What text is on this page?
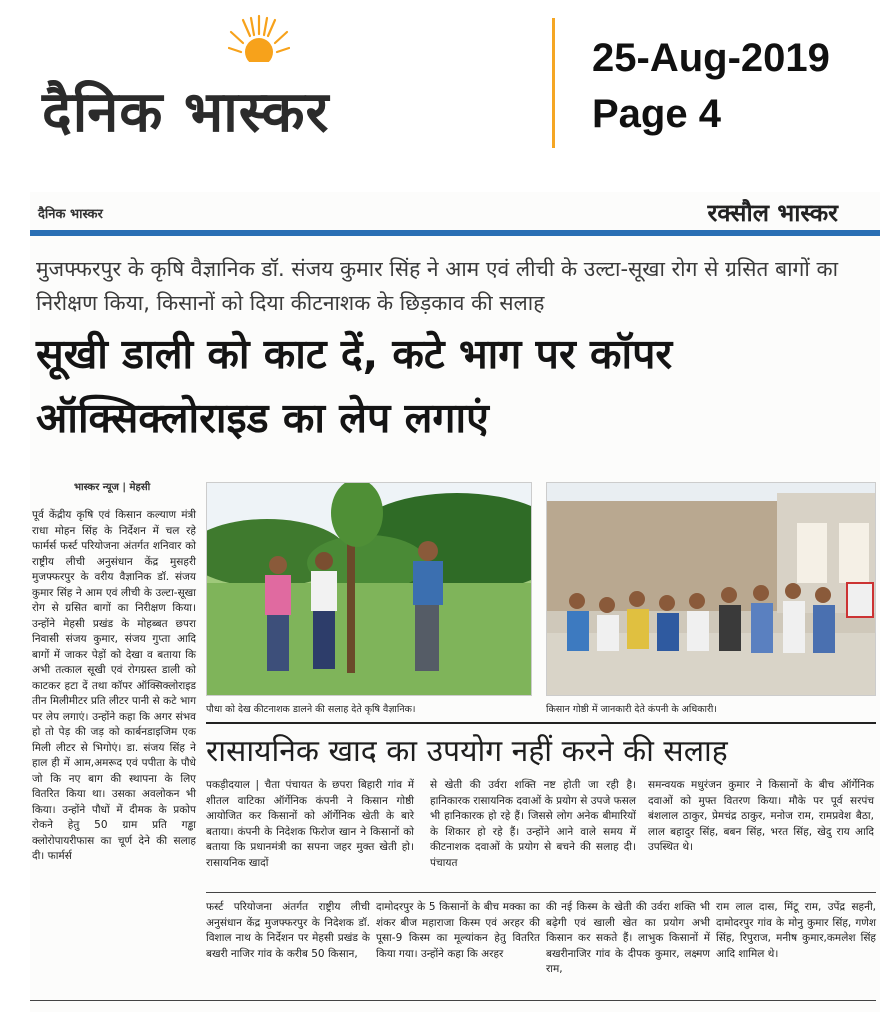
दैनिक भास्कर
25-Aug-2019
Page 4
दैनिक भास्कर	रक्सौल भास्कर
मुजफ्फरपुर के कृषि वैज्ञानिक डॉ. संजय कुमार सिंह ने आम एवं लीची के उल्टा-सूखा रोग से ग्रसित बागों का निरीक्षण किया, किसानों को दिया कीटनाशक के छिड़काव की सलाह
सूखी डाली को काट दें, कटे भाग पर कॉपर ऑक्सिक्लोराइड का लेप लगाएं
भास्कर न्यूज | मेहसी
पूर्व केंद्रीय कृषि एवं किसान कल्याण मंत्री राधा मोहन सिंह के निर्देशन में चल रहे फार्मर्स फर्स्ट परियोजना अंतर्गत शनिवार को राष्ट्रीय लीची अनुसंधान केंद्र मुसहरी मुजफ्फरपुर के वरीय वैज्ञानिक डॉ. संजय कुमार सिंह ने आम एवं लीची के उल्टा-सूखा रोग से ग्रसित बागों का निरीक्षण किया। उन्होंने मेहसी प्रखंड के मोहब्बत छपरा निवासी संजय कुमार, संजय गुप्ता आदि बागों में जाकर पेड़ों को देखा व बताया कि अभी तत्काल सूखी एवं रोगग्रस्त डाली को काटकर हटा दें तथा कॉपर ऑक्सिक्लोराइड तीन मिलीमीटर प्रति लीटर पानी से कटे भाग पर लेप लगाएं। उन्होंने कहा कि अगर संभव हो तो पेड़ की जड़ को कार्बनडाइजिम एक मिली लीटर से भिगोएं। डा. संजय सिंह ने हाल ही में आम,अमरूद एवं पपीता के पौधे जो कि नए बाग की स्थापना के लिए वितरित किया था। उसका अवलोकन भी किया। उन्होंने पौधों में दीमक के प्रकोप रोकने हेतु 50 ग्राम प्रति गड्ढा क्लोरोपायरीफास का चूर्ण देने की सलाह दी। फार्मर्स
पौधा को देख कीटनाशक डालने की सलाह देते कृषि वैज्ञानिक।	किसान गोष्ठी में जानकारी देते कंपनी के अधिकारी।
रासायनिक खाद का उपयोग नहीं करने की सलाह
पकड़ीदयाल | चैता पंचायत के छपरा बिहारी गांव में शीतल वाटिका ऑर्गेनिक कंपनी ने किसान गोष्ठी आयोजित कर किसानों को ऑर्गेनिक खेती के बारे बताया। कंपनी के निदेशक फिरोज खान ने किसानों को बताया कि प्रधानमंत्री का सपना जहर मुक्त खेती हो। रासायनिक खादों
से खेती की उर्वरा शक्ति नष्ट होती जा रही है। हानिकारक रासायनिक दवाओं के प्रयोग से उपजे फसल भी हानिकारक हो रहे हैं। जिससे लोग अनेक बीमारियों के शिकार हो रहे हैं। उन्होंने आने वाले समय में कीटनाशक दवाओं के प्रयोग से बचने की सलाह दी। पंचायत
समन्वयक मधुरंजन कुमार ने किसानों के बीच ऑर्गेनिक दवाओं को मुफ्त वितरण किया। मौके पर पूर्व सरपंच बंशलाल ठाकुर, प्रेमचंद्र ठाकुर, मनोज राम, रामप्रवेश बैठा, लाल बहादुर सिंह, बबन सिंह, भरत सिंह, खेदु राय आदि उपस्थित थे।
फर्स्ट परियोजना अंतर्गत राष्ट्रीय लीची अनुसंधान केंद्र मुजफ्फरपुर के निदेशक डॉ. विशाल नाथ के निर्देशन पर मेहसी प्रखंड के बखरी नाजिर गांव के करीब 50 किसान,
दामोदरपुर के 5 किसानों के बीच मक्का का शंकर बीज महाराजा किस्म एवं अरहर की पूसा-9 किस्म का मूल्यांकन हेतु वितरित किया गया। उन्होंने कहा कि अरहर
की नई किस्म के खेती की उर्वरा शक्ति भी बढ़ेगी एवं खाली खेत का प्रयोग अभी किसान कर सकते हैं। लाभुक किसानों में बखरीनाजिर गांव के दीपक कुमार, लक्ष्मण राम,
राम लाल दास, मिंटू राम, उपेंद्र सहनी, दामोदरपुर गांव के मोनु कुमार सिंह, गणेश सिंह, रिपुराज, मनीष कुमार,कमलेश सिंह आदि शामिल थे।
